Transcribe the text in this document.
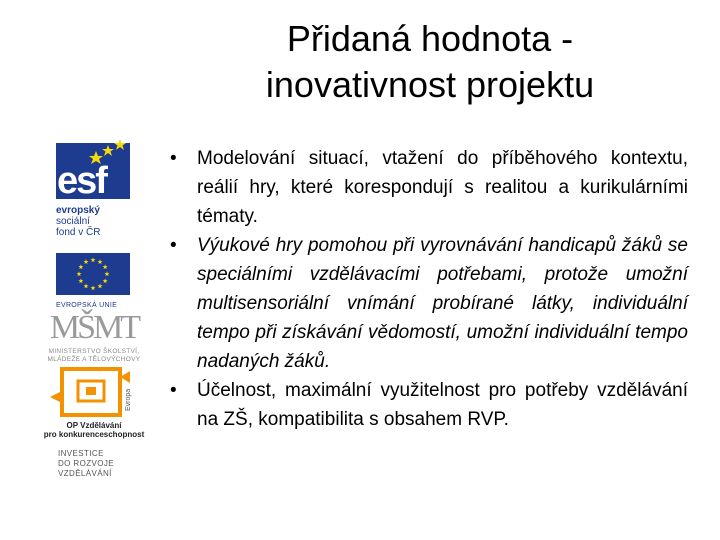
Přidaná hodnota -
inovativnost projektu
•	Modelování situací, vtažení do příběhového kontextu, reálií hry, které korespondují s realitou a kurikulárními tématy.
•	Výukové hry pomohou při vyrovnávání handicapů žáků se speciálními vzdělávacími potřebami, protože umožní multisensoriální vnímání probírané látky, individuální tempo při získávání vědomostí, umožní individuální tempo nadaných žáků.
•	Účelnost, maximální využitelnost pro potřeby vzdělávání na ZŠ, kompatibilita s obsahem RVP.
esf
evropský
sociální
fond v ČR
EVROPSKÁ UNIE
MŠMT
MINISTERSTVO ŠKOLSTVÍ,
MLÁDEŽE A TĚLOVÝCHOVY
Evropa
OP Vzdělávání
pro konkurenceschopnost
INVESTICE
DO ROZVOJE
VZDĚLÁVÁNÍ
